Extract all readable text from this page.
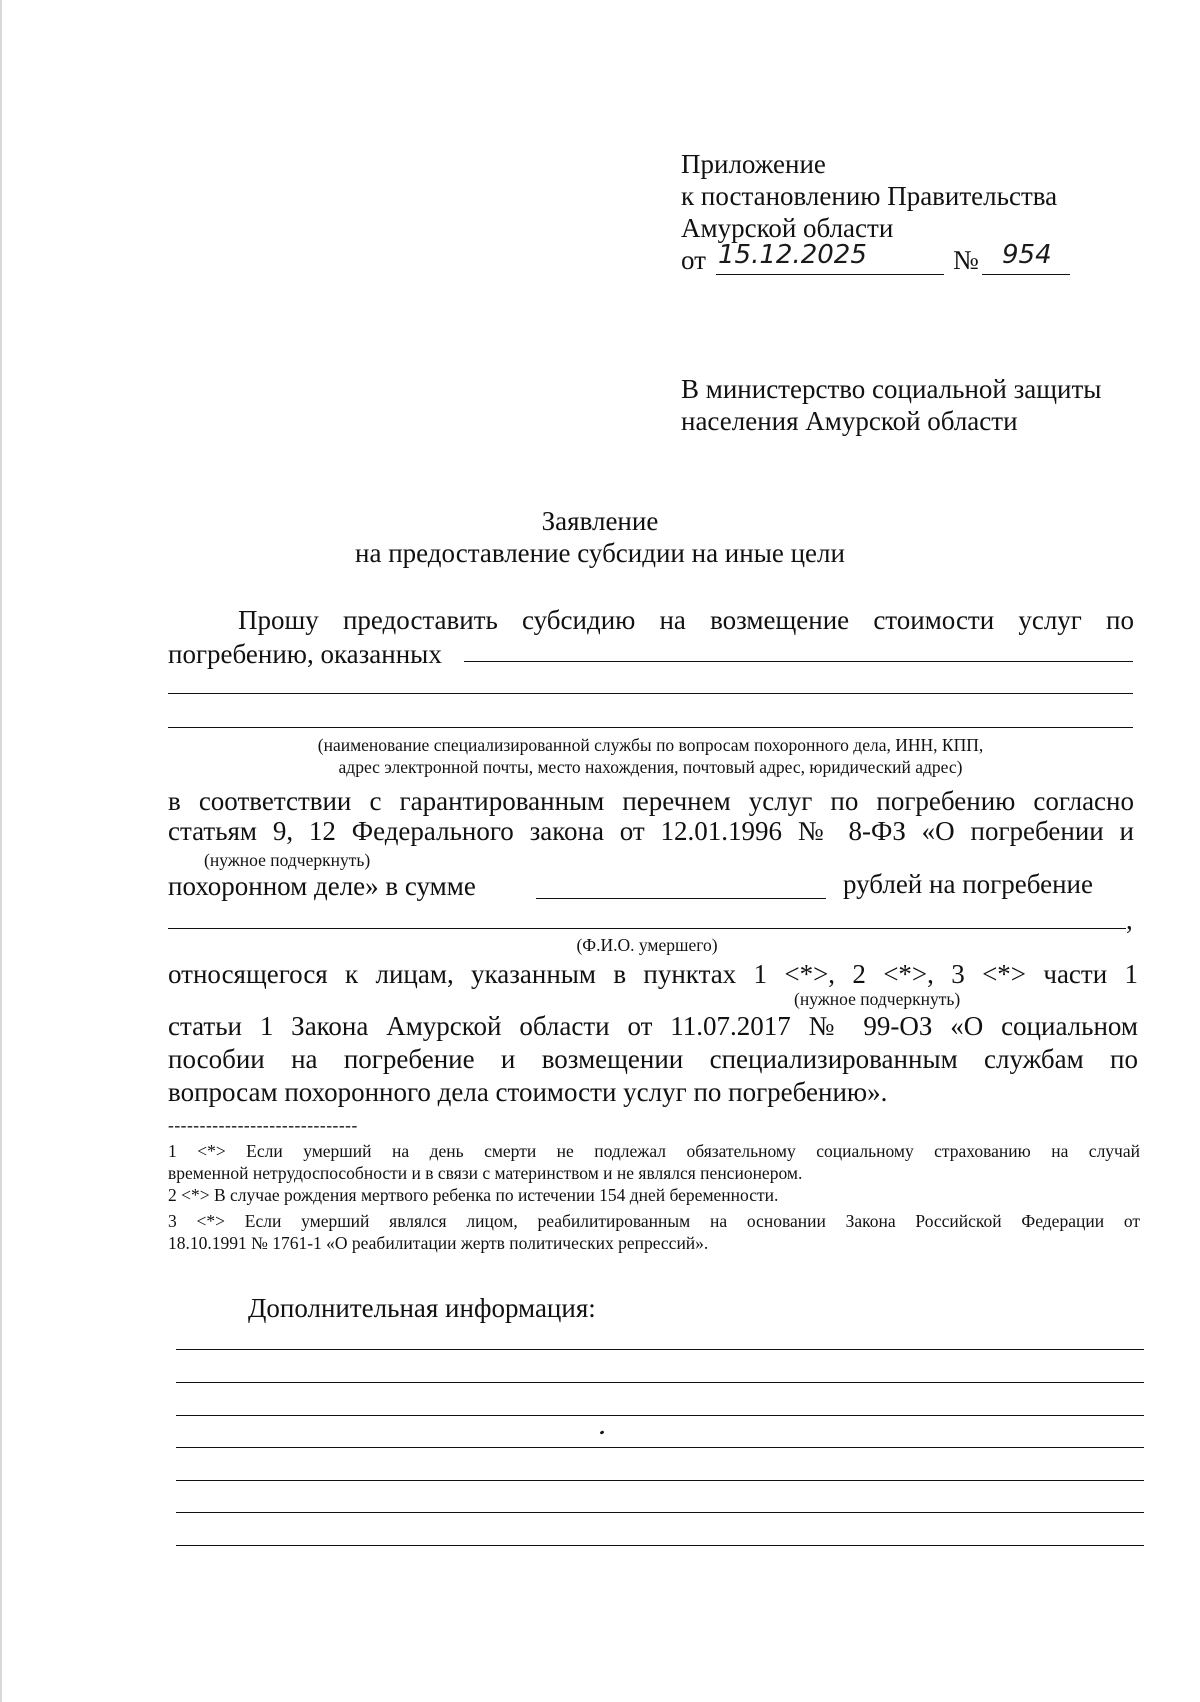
Приложение
к постановлению Правительства
Амурской области
от 15.12.2025	№ 954
В министерство социальной защиты
населения Амурской области
Заявление
на предоставление субсидии на иные цели
Прошу предоставить субсидию на возмещение стоимости услуг по
погребению, оказанных
(наименование специализированной службы по вопросам похоронного дела, ИНН, КПП,
адрес электронной почты, место нахождения, почтовый адрес, юридический адрес)
в соответствии с гарантированным перечнем услуг по погребению согласно
статьям 9, 12 Федерального закона от 12.01.1996 № 8-ФЗ «О погребении и
(нужное подчеркнуть)
похоронном деле» в сумме	рублей на погребение
,
(Ф.И.О. умершего)
относящегося к лицам, указанным в пунктах 1 <*>, 2 <*>, 3 <*> части 1
(нужное подчеркнуть)
статьи 1 Закона Амурской области от 11.07.2017 № 99-ОЗ «О социальном
пособии на погребение и возмещении специализированным службам по
вопросам похоронного дела стоимости услуг по погребению».
------------------------------
1 <*> Если умерший на день смерти не подлежал обязательному социальному страхованию на случай
временной нетрудоспособности и в связи с материнством и не являлся пенсионером.
2 <*> В случае рождения мертвого ребенка по истечении 154 дней беременности.
3 <*> Если умерший являлся лицом, реабилитированным на основании Закона Российской Федерации от
18.10.1991 № 1761-1 «О реабилитации жертв политических репрессий».
Дополнительная информация:
